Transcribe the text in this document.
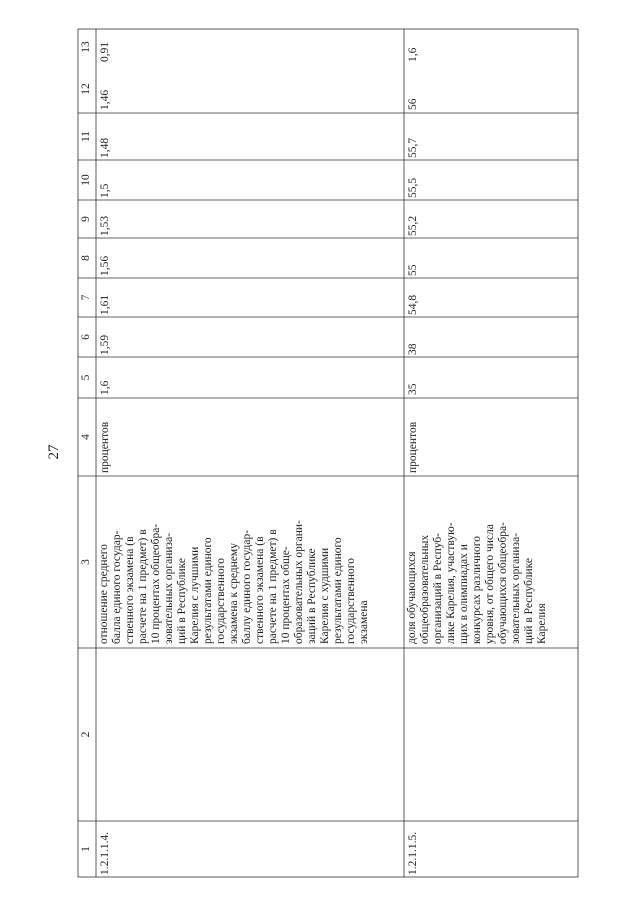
27
1
2
3
4
5
6
7
8
9
10
11
12
13
1.2.1.1.4.
отношение среднего балла единого государ- ственного экзамена (в расчете на 1 предмет) в 10 процентах общеобра- зовательных организа- ций в Республике Карелия с лучшими результатами единого государственного экзамена к среднему баллу единого государ- ственного экзамена (в расчете на 1 предмет) в 10 процентах обще- образовательных органи- заций в Республике Карелия с худшими результатами единого государственного экзамена
процентов
1,6
1,59
1,61
1,56
1,53
1,5
1,48
1,46
0,91
1.2.1.1.5.
доля обучающихся общеобразовательных организаций в Респуб- лике Карелия, участвую- щих в олимпиадах и конкурсах различного уровня, от общего числа обучающихся общеобра- зовательных организа- ций в Республике Карелия
процентов
35
38
54,8
55
55,2
55,5
55,7
56
1,6
